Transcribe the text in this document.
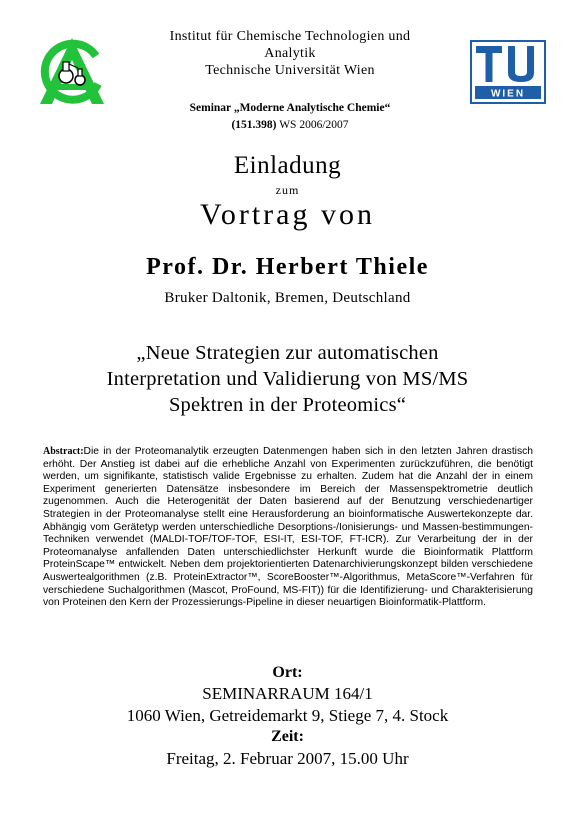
WIEN
Institut für Chemische Technologien und
Analytik
Technische Universität Wien
Seminar „Moderne Analytische Chemie“
(151.398) WS 2006/2007
Einladung
zum
Vortrag von
Prof. Dr. Herbert Thiele
Bruker Daltonik, Bremen, Deutschland
„Neue Strategien zur automatischen
Interpretation und Validierung von MS/MS
Spektren in der Proteomics“
Abstract:Die in der Proteomanalytik erzeugten Datenmengen haben sich in den letzten Jahren drastisch erhöht. Der Anstieg ist dabei auf die erhebliche Anzahl von Experimenten zurückzuführen, die benötigt werden, um signifikante, statistisch valide Ergebnisse zu erhalten. Zudem hat die Anzahl der in einem Experiment generierten Datensätze insbesondere im Bereich der Massenspektrometrie deutlich zugenommen. Auch die Heterogenität der Daten basierend auf der Benutzung verschiedenartiger Strategien in der Proteomanalyse stellt eine Herausforderung an bioinformatische Auswertekonzepte dar. Abhängig vom Gerätetyp werden unterschiedliche Desorptions-/Ionisierungs- und Massen-bestimmungen-Techniken verwendet (MALDI-TOF/TOF-TOF, ESI-IT, ESI-TOF, FT-ICR). Zur Verarbeitung der in der Proteomanalyse anfallenden Daten unterschiedlichster Herkunft wurde die Bioinformatik Plattform ProteinScape™ entwickelt. Neben dem projektorientierten Datenarchivierungskonzept bilden verschiedene Auswertealgorithmen (z.B. ProteinExtractor™, ScoreBooster™-Algorithmus, MetaScore™-Verfahren für verschiedene Suchalgorithmen (Mascot, ProFound, MS-FIT)) für die Identifizierung- und Charakterisierung von Proteinen den Kern der Prozessierungs-Pipeline in dieser neuartigen Bioinformatik-Plattform.
Ort:
SEMINARRAUM 164/1
1060 Wien, Getreidemarkt 9, Stiege 7, 4. Stock
Zeit:
Freitag, 2. Februar 2007, 15.00 Uhr
